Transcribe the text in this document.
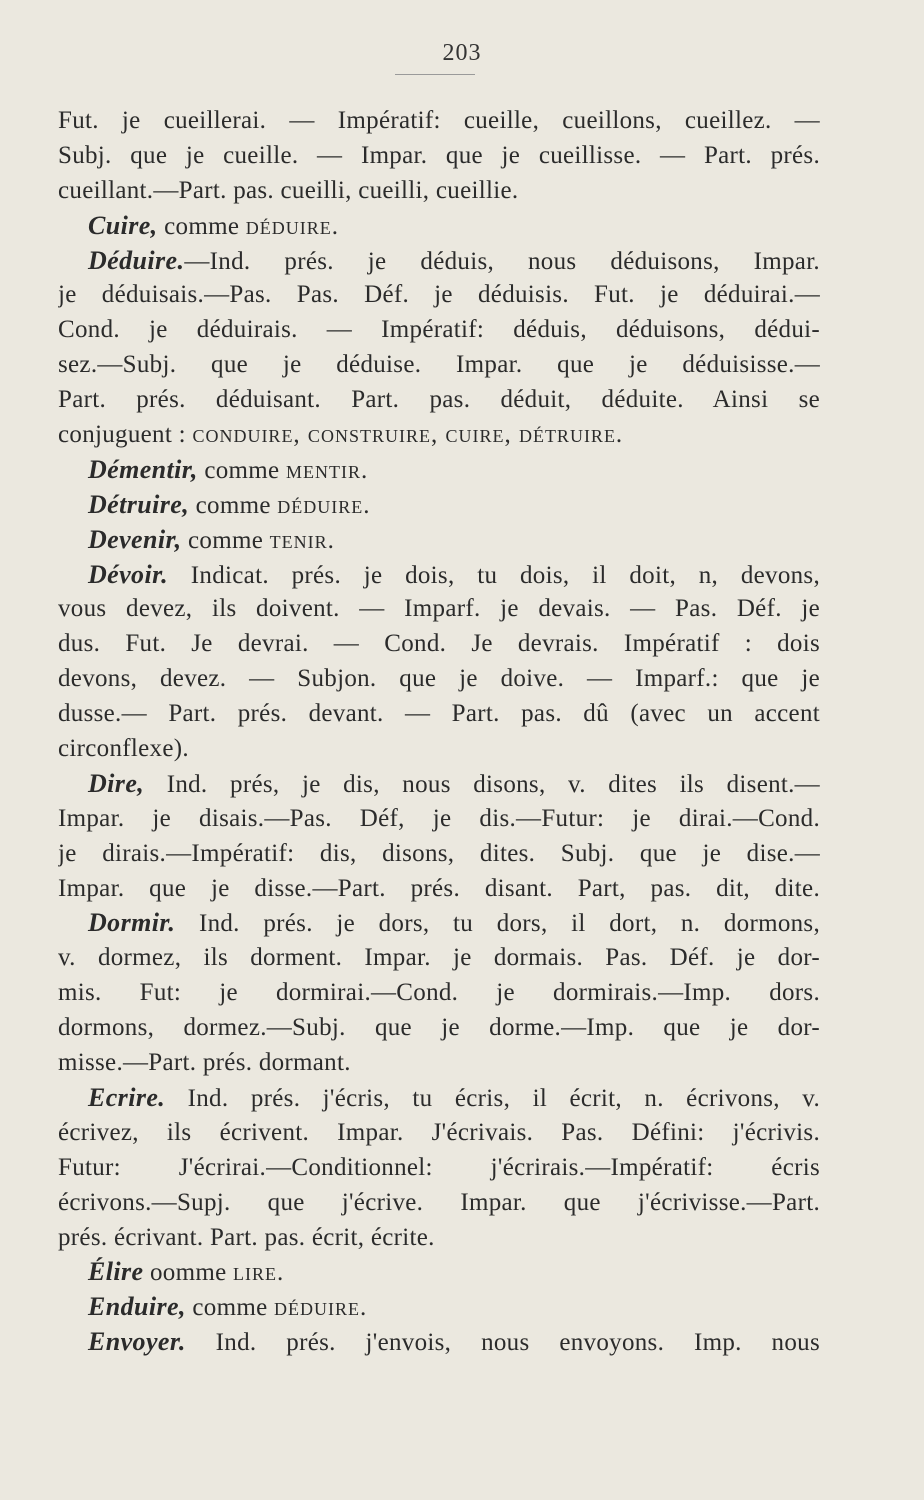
203
Fut. je cueillerai. — Impératif: cueille, cueillons, cueillez. —
Subj. que je cueille. — Impar. que je cueillisse. — Part. prés.
cueillant.—Part. pas. cueilli, cueilli, cueillie.
Cuire, comme déduire.
Déduire.—Ind. prés. je déduis, nous déduisons, Impar.
je déduisais.—Pas. Pas. Déf. je déduisis. Fut. je déduirai.—
Cond. je déduirais. — Impératif: déduis, déduisons, dédui-
sez.—Subj. que je déduise. Impar. que je déduisisse.—
Part. prés. déduisant. Part. pas. déduit, déduite. Ainsi se
conjuguent : conduire, construire, cuire, détruire.
Démentir, comme mentir.
Détruire, comme déduire.
Devenir, comme tenir.
Dévoir. Indicat. prés. je dois, tu dois, il doit, n, devons,
vous devez, ils doivent. — Imparf. je devais. — Pas. Déf. je
dus. Fut. Je devrai. — Cond. Je devrais. Impératif : dois
devons, devez. — Subjon. que je doive. — Imparf.: que je
dusse.— Part. prés. devant. — Part. pas. dû (avec un accent
circonflexe).
Dire, Ind. prés, je dis, nous disons, v. dites ils disent.—
Impar. je disais.—Pas. Déf, je dis.—Futur: je dirai.—Cond.
je dirais.—Impératif: dis, disons, dites. Subj. que je dise.—
Impar. que je disse.—Part. prés. disant. Part, pas. dit, dite.
Dormir. Ind. prés. je dors, tu dors, il dort, n. dormons,
v. dormez, ils dorment. Impar. je dormais. Pas. Déf. je dor-
mis. Fut: je dormirai.—Cond. je dormirais.—Imp. dors.
dormons, dormez.—Subj. que je dorme.—Imp. que je dor-
misse.—Part. prés. dormant.
Ecrire. Ind. prés. j'écris, tu écris, il écrit, n. écrivons, v.
écrivez, ils écrivent. Impar. J'écrivais. Pas. Défini: j'écrivis.
Futur: J'écrirai.—Conditionnel: j'écrirais.—Impératif: écris
écrivons.—Supj. que j'écrive. Impar. que j'écrivisse.—Part.
prés. écrivant. Part. pas. écrit, écrite.
Élire oomme lire.
Enduire, comme déduire.
Envoyer. Ind. prés. j'envois, nous envoyons. Imp. nous
